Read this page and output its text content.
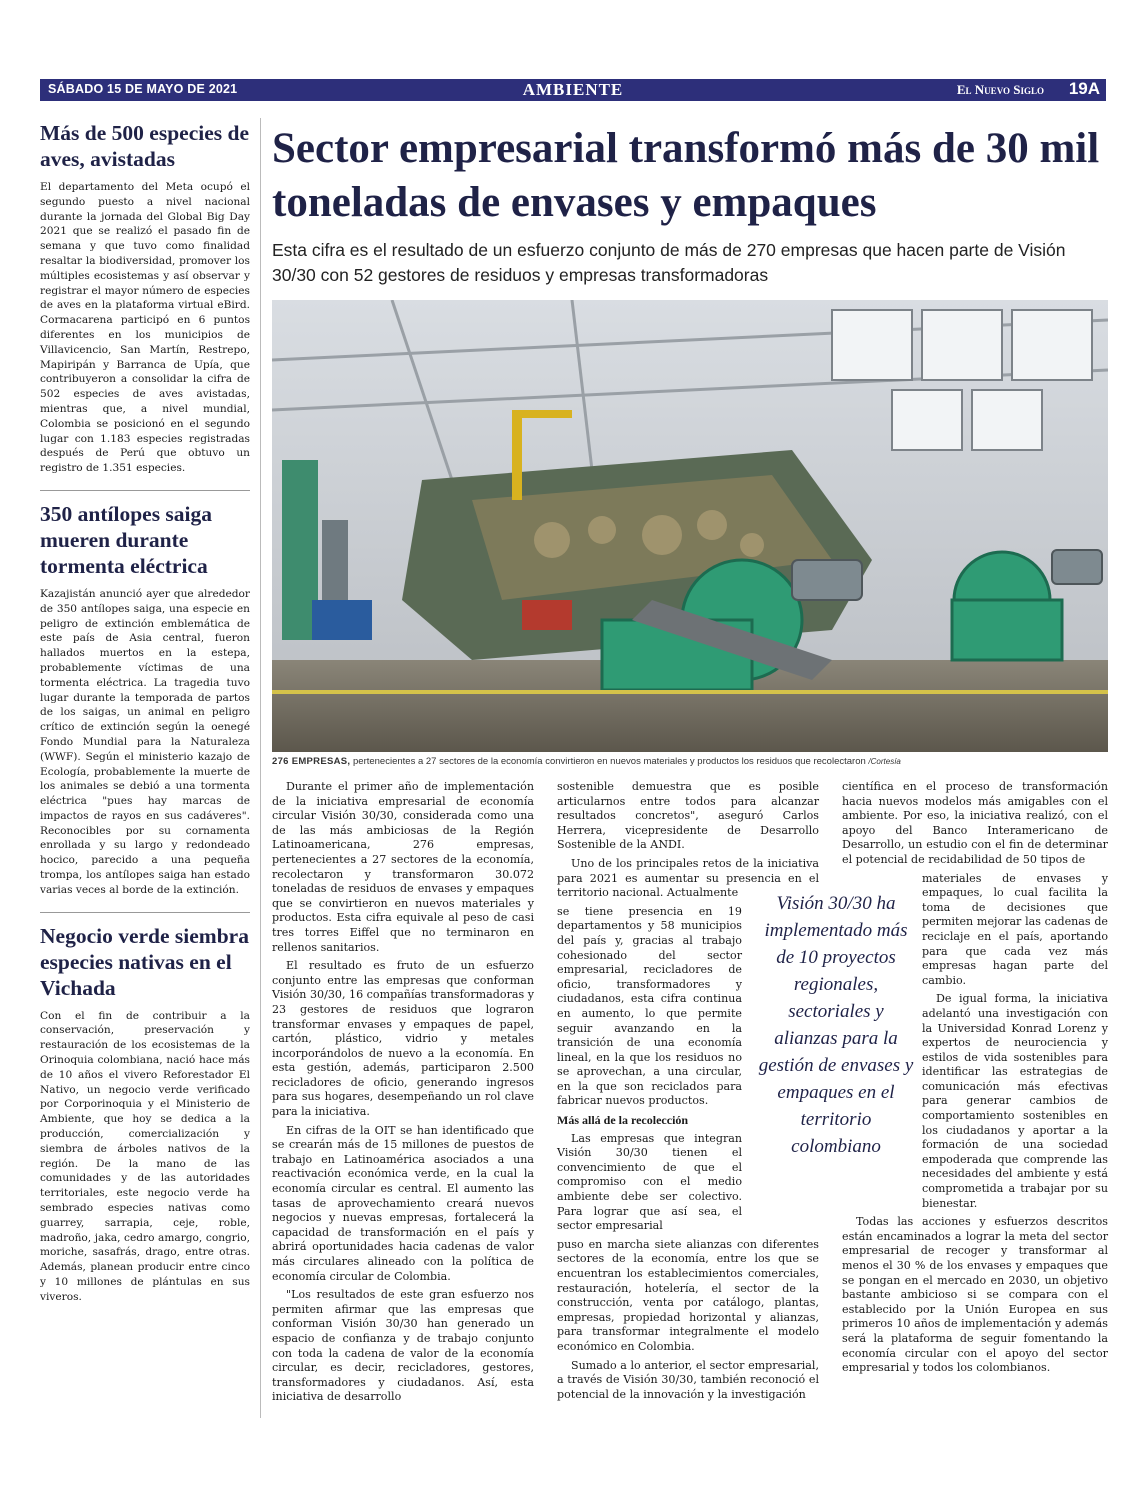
SÁBADO 15 DE MAYO DE 2021	AMBIENTE	El Nuevo Siglo 19A
Más de 500 especies de aves, avistadas

El departamento del Meta ocupó el segundo puesto a nivel nacional durante la jornada del Global Big Day 2021 que se realizó el pasado fin de semana y que tuvo como finalidad resaltar la biodiversidad, promover los múltiples ecosistemas y así observar y registrar el mayor número de especies de aves en la plataforma virtual eBird. Cormacarena participó en 6 puntos diferentes en los municipios de Villavicencio, San Martín, Restrepo, Mapiripán y Barranca de Upía, que contribuyeron a consolidar la cifra de 502 especies de aves avistadas, mientras que, a nivel mundial, Colombia se posicionó en el segundo lugar con 1.183 especies registradas después de Perú que obtuvo un registro de 1.351 especies.

350 antílopes saiga mueren durante tormenta eléctrica

Kazajistán anunció ayer que alrededor de 350 antílopes saiga, una especie en peligro de extinción emblemática de este país de Asia central, fueron hallados muertos en la estepa, probablemente víctimas de una tormenta eléctrica. La tragedia tuvo lugar durante la temporada de partos de los saigas, un animal en peligro crítico de extinción según la oenegé Fondo Mundial para la Naturaleza (WWF). Según el ministerio kazajo de Ecología, probablemente la muerte de los animales se debió a una tormenta eléctrica "pues hay marcas de impactos de rayos en sus cadáveres". Reconocibles por su cornamenta enrollada y su largo y redondeado hocico, parecido a una pequeña trompa, los antílopes saiga han estado varias veces al borde de la extinción.

Negocio verde siembra especies nativas en el Vichada

Con el fin de contribuir a la conservación, preservación y restauración de los ecosistemas de la Orinoquia colombiana, nació hace más de 10 años el vivero Reforestador El Nativo, un negocio verde verificado por Corporinoquia y el Ministerio de Ambiente, que hoy se dedica a la producción, comercialización y siembra de árboles nativos de la región. De la mano de las comunidades y de las autoridades territoriales, este negocio verde ha sembrado especies nativas como guarrey, sarrapia, ceje, roble, madroño, jaka, cedro amargo, congrio, moriche, sasafrás, drago, entre otras. Además, planean producir entre cinco y 10 millones de plántulas en sus viveros.

Sector empresarial transformó más de 30 mil toneladas de envases y empaques

Esta cifra es el resultado de un esfuerzo conjunto de más de 270 empresas que hacen parte de Visión 30/30 con 52 gestores de residuos y empresas transformadoras

276 EMPRESAS, pertenecientes a 27 sectores de la economía convirtieron en nuevos materiales y productos los residuos que recolectaron /Cortesía

Durante el primer año de implementación de la iniciativa empresarial de economía circular Visión 30/30, considerada como una de las más ambiciosas de la Región Latinoamericana, 276 empresas, pertenecientes a 27 sectores de la economía, recolectaron y transformaron 30.072 toneladas de residuos de envases y empaques que se convirtieron en nuevos materiales y productos. Esta cifra equivale al peso de casi tres torres Eiffel que no terminaron en rellenos sanitarios.

El resultado es fruto de un esfuerzo conjunto entre las empresas que conforman Visión 30/30, 16 compañías transformadoras y 23 gestores de residuos que lograron transformar envases y empaques de papel, cartón, plástico, vidrio y metales incorporándolos de nuevo a la economía. En esta gestión, además, participaron 2.500 recicladores de oficio, generando ingresos para sus hogares, desempeñando un rol clave para la iniciativa.

En cifras de la OIT se han identificado que se crearán más de 15 millones de puestos de trabajo en Latinoamérica asociados a una reactivación económica verde, en la cual la economía circular es central. El aumento las tasas de aprovechamiento creará nuevos negocios y nuevas empresas, fortalecerá la capacidad de transformación en el país y abrirá oportunidades hacia cadenas de valor más circulares alineado con la política de economía circular de Colombia.

"Los resultados de este gran esfuerzo nos permiten afirmar que las empresas que conforman Visión 30/30 han generado un espacio de confianza y de trabajo conjunto con toda la cadena de valor de la economía circular, es decir, recicladores, gestores, transformadores y ciudadanos. Así, esta iniciativa de desarrollo

sostenible demuestra que es posible articularnos entre todos para alcanzar resultados concretos", aseguró Carlos Herrera, vicepresidente de Desarrollo Sostenible de la ANDI.

Uno de los principales retos de la iniciativa para 2021 es aumentar su presencia en el territorio nacional. Actualmente

se tiene presencia en 19 departamentos y 58 municipios del país y, gracias al trabajo cohesionado del sector empresarial, recicladores de oficio, transformadores y ciudadanos, esta cifra continua en aumento, lo que permite seguir avanzando en la transición de una economía lineal, en la que los residuos no se aprovechan, a una circular, en la que son reciclados para fabricar nuevos productos.

Más allá de la recolección

Las empresas que integran Visión 30/30 tienen el convencimiento de que el compromiso con el medio ambiente debe ser colectivo. Para lograr que así sea, el sector empresarial

puso en marcha siete alianzas con diferentes sectores de la economía, entre los que se encuentran los establecimientos comerciales, restauración, hotelería, el sector de la construcción, venta por catálogo, plantas, empresas, propiedad horizontal y alianzas, para transformar integralmente el modelo económico en Colombia.

Sumado a lo anterior, el sector empresarial, a través de Visión 30/30, también reconoció el potencial de la innovación y la investigación

científica en el proceso de transformación hacia nuevos modelos más amigables con el ambiente. Por eso, la iniciativa realizó, con el apoyo del Banco Interamericano de Desarrollo, un estudio con el fin de determinar el potencial de recidabilidad de 50 tipos de

materiales de envases y empaques, lo cual facilita la toma de decisiones que permiten mejorar las cadenas de reciclaje en el país, aportando para que cada vez más empresas hagan parte del cambio.

De igual forma, la iniciativa adelantó una investigación con la Universidad Konrad Lorenz y expertos de neurociencia y estilos de vida sostenibles para identificar las estrategias de comunicación más efectivas para generar cambios de comportamiento sostenibles en los ciudadanos y aportar a la formación de una sociedad empoderada que comprende las necesidades del ambiente y está comprometida a trabajar por su bienestar.

Todas las acciones y esfuerzos descritos están encaminados a lograr la meta del sector empresarial de recoger y transformar al menos el 30 % de los envases y empaques que se pongan en el mercado en 2030, un objetivo bastante ambicioso si se compara con el establecido por la Unión Europea en sus primeros 10 años de implementación y además será la plataforma de seguir fomentando la economía circular con el apoyo del sector empresarial y todos los colombianos.

Visión 30/30 ha implementado más de 10 proyectos regionales, sectoriales y alianzas para la gestión de envases y empaques en el territorio colombiano
